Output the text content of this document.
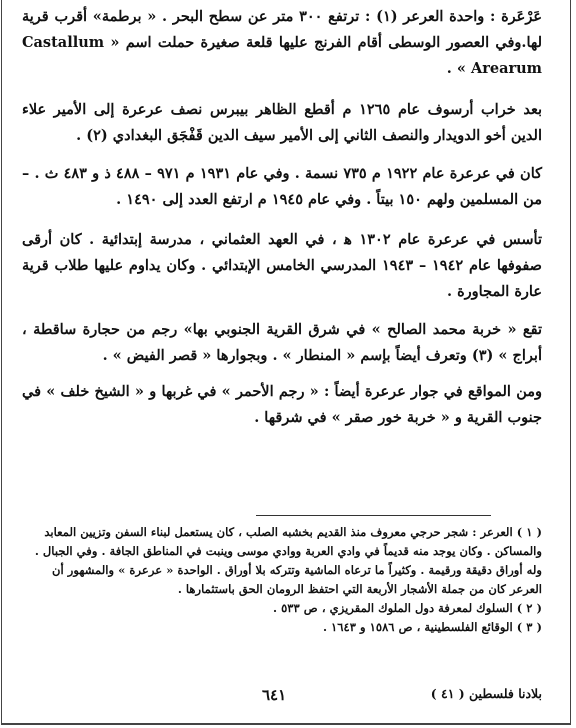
عَرْعَرة : واحدة العرعر (١) : ترتفع ٣٠٠ متر عن سطح البحر . « برطمة» أقرب قرية لها.وفي العصور الوسطى أقام الفرنج عليها قلعة صغيرة حملت اسم « Castallum Arearum » .

بعد خراب أرسوف عام ١٢٦٥ م أقطع الظاهر بيبرس نصف عرعرة إلى الأمير علاء الدين أخو الدويدار والنصف الثاني إلى الأمير سيف الدين قَفْجَق البغدادي (٢) .

كان في عرعرة عام ١٩٢٢ م ٧٣٥ نسمة . وفي عام ١٩٣١ م ٩٧١ – ٤٨٨ ذ و ٤٨٣ ث . – من المسلمين ولهم ١٥٠ بيتاً . وفي عام ١٩٤٥ م ارتفع العدد إلى ١٤٩٠ .

تأسس في عرعرة عام ١٣٠٢ ﻫ ، في العهد العثماني ، مدرسة إبتدائية . كان أرقى صفوفها عام ١٩٤٢ – ١٩٤٣ المدرسي الخامس الإبتدائي . وكان يداوم عليها طلاب قرية عارة المجاورة .

تقع « خربة محمد الصالح » في شرق القرية الجنوبي بها» رجم من حجارة ساقطة ، أبراج » (٣) وتعرف أيضاً بإسم « المنطار » . وبجوارها « قصر الفيض » .

ومن المواقع في جوار عرعرة أيضاً : « رجم الأحمر » في غربها و « الشيخ خلف » في جنوب القرية و « خربة خور صقر » في شرقها .

( ١ ) العرعر : شجر حرجي معروف منذ القديم بخشبه الصلب ، كان يستعمل لبناء السفن وتزيين المعابد والمساكن . وكان يوجد منه قديماً في وادي العربة ووادي موسى وينبت في المناطق الجافة . وفي الجبال . وله أوراق دقيقة ورقيمة . وكثيراً ما ترعاه الماشية وتتركه بلا أوراق . الواحدة « عرعرة » والمشهور أن العرعر كان من جملة الأشجار الأربعة التي احتفظ الرومان الحق باستثمارها .

( ٢ ) السلوك لمعرفة دول الملوك المقريزي ، ص ٥٣٣ .

( ٣ ) الوقائع الفلسطينية ، ص ١٥٨٦ و ١٦٤٣ .

بلادنا فلسطين ( ٤١ )
٦٤١
